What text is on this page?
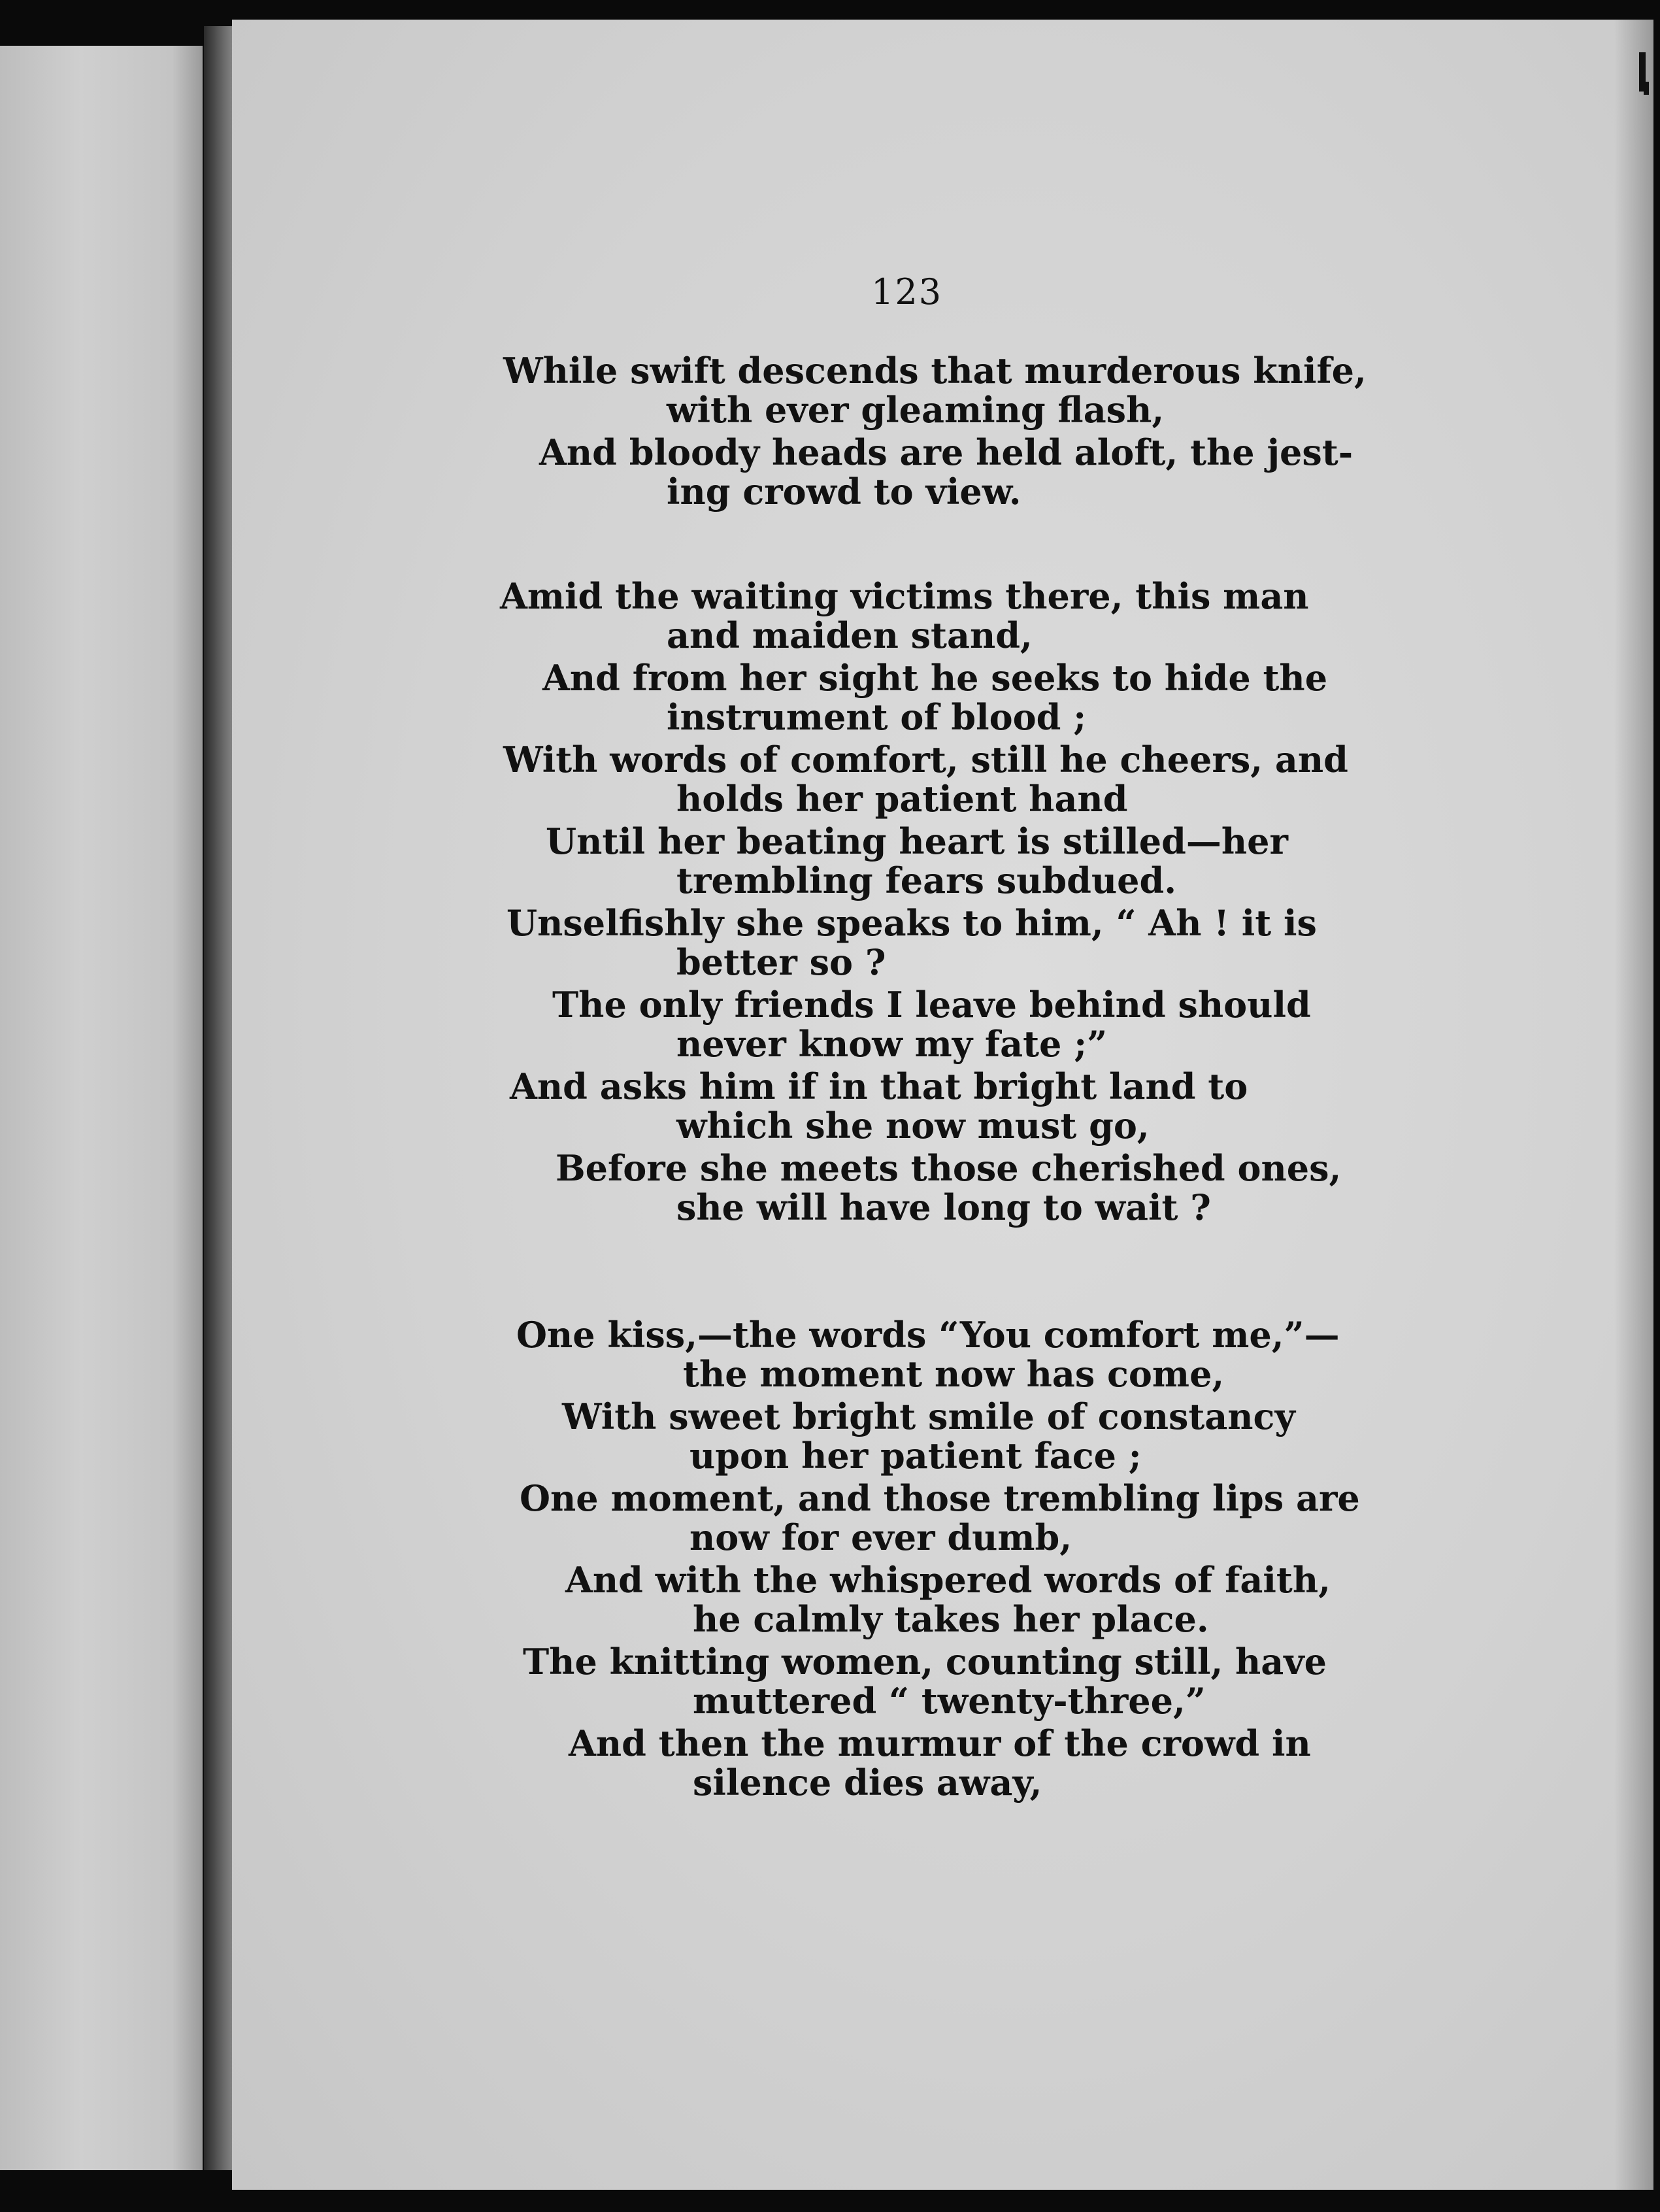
123
While swift descends that murderous knife,
with ever gleaming flash,
And bloody heads are held aloft, the jest-
ing crowd to view.
Amid the waiting victims there, this man
and maiden stand,
And from her sight he seeks to hide the
instrument of blood ;
With words of comfort, still he cheers, and
holds her patient hand
Until her beating heart is stilled—her
trembling fears subdued.
Unselfishly she speaks to him, “ Ah ! it is
better so ?
The only friends I leave behind should
never know my fate ;”
And asks him if in that bright land to
which she now must go,
Before she meets those cherished ones,
she will have long to wait ?
One kiss,—the words “You comfort me,”—
the moment now has come,
With sweet bright smile of constancy
upon her patient face ;
One moment, and those trembling lips are
now for ever dumb,
And with the whispered words of faith,
he calmly takes her place.
The knitting women, counting still, have
muttered “ twenty-three,”
And then the murmur of the crowd in
silence dies away,
